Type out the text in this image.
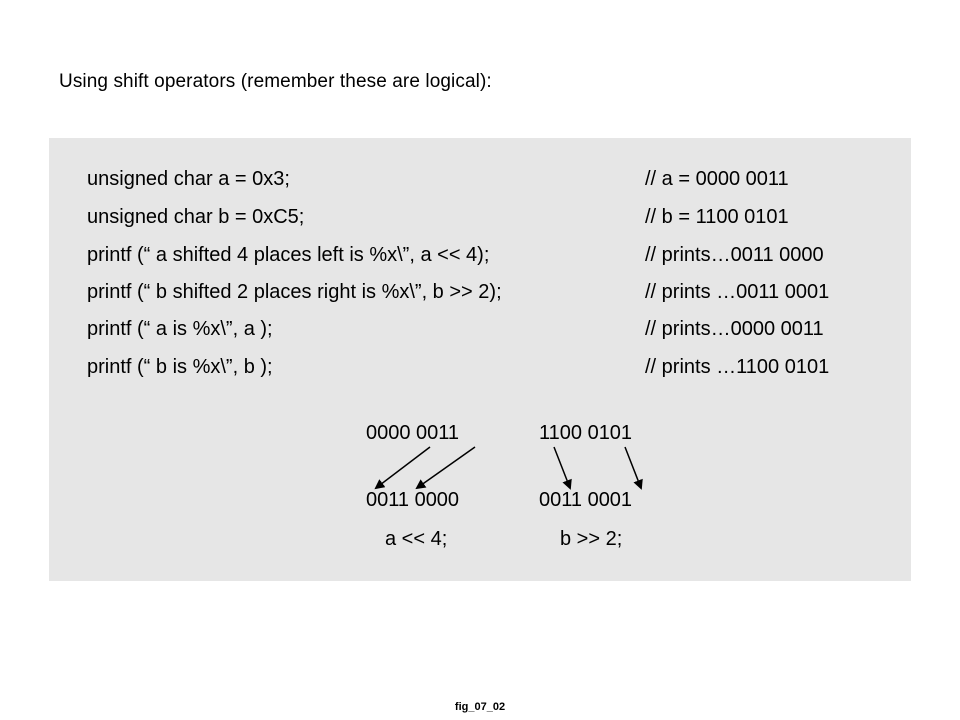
Using shift operators (remember these are logical):
unsigned char a = 0x3;
unsigned char b = 0xC5;
printf (“ a shifted 4 places left is %x\”, a << 4);
printf (“ b shifted 2 places right is %x\”, b >> 2);
printf (“ a is %x\”, a );
printf (“ b is %x\”, b );
// a = 0000 0011
// b = 1100 0101
// prints…0011 0000
// prints …0011 0001
// prints…0000 0011
// prints …1100 0101
0000 0011
0011 0000
a << 4;
1100 0101
0011 0001
b >> 2;
fig_07_02
